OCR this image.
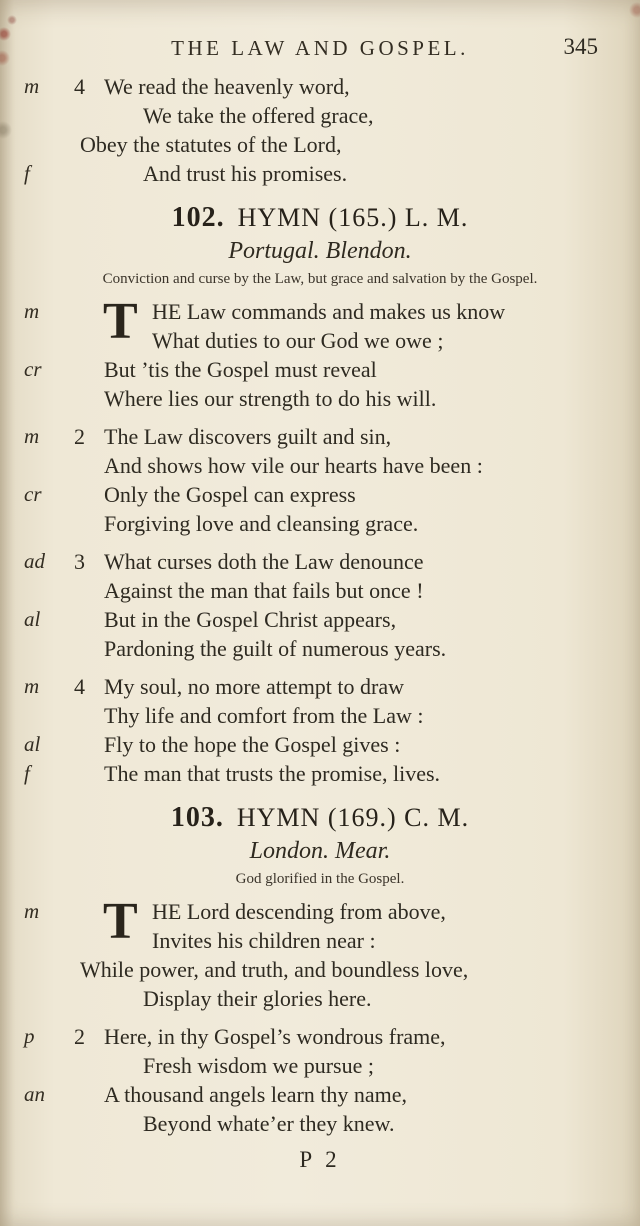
THE LAW AND GOSPEL.	345
m 4 We read the heavenly word,
We take the offered grace,
Obey the statutes of the Lord,
f	And trust his promises.
102. HYMN (165.) L. M.
Portugal. Blendon.
Conviction and curse by the Law, but grace and salvation by the Gospel.
T
m	HE Law commands and makes us know
What duties to our God we owe ;
cr	But ’tis the Gospel must reveal
Where lies our strength to do his will.
m 2 The Law discovers guilt and sin,
And shows how vile our hearts have been :
cr	Only the Gospel can express
Forgiving love and cleansing grace.
ad 3 What curses doth the Law denounce
Against the man that fails but once !
al	But in the Gospel Christ appears,
Pardoning the guilt of numerous years.
m 4 My soul, no more attempt to draw
Thy life and comfort from the Law :
al	Fly to the hope the Gospel gives :
f	The man that trusts the promise, lives.
103. HYMN (169.) C. M.
London. Mear.
God glorified in the Gospel.
T
m	HE Lord descending from above,
Invites his children near :
While power, and truth, and boundless love,
Display their glories here.
p 2 Here, in thy Gospel’s wondrous frame,
Fresh wisdom we pursue ;
an	A thousand angels learn thy name,
Beyond whate’er they knew.
P 2
